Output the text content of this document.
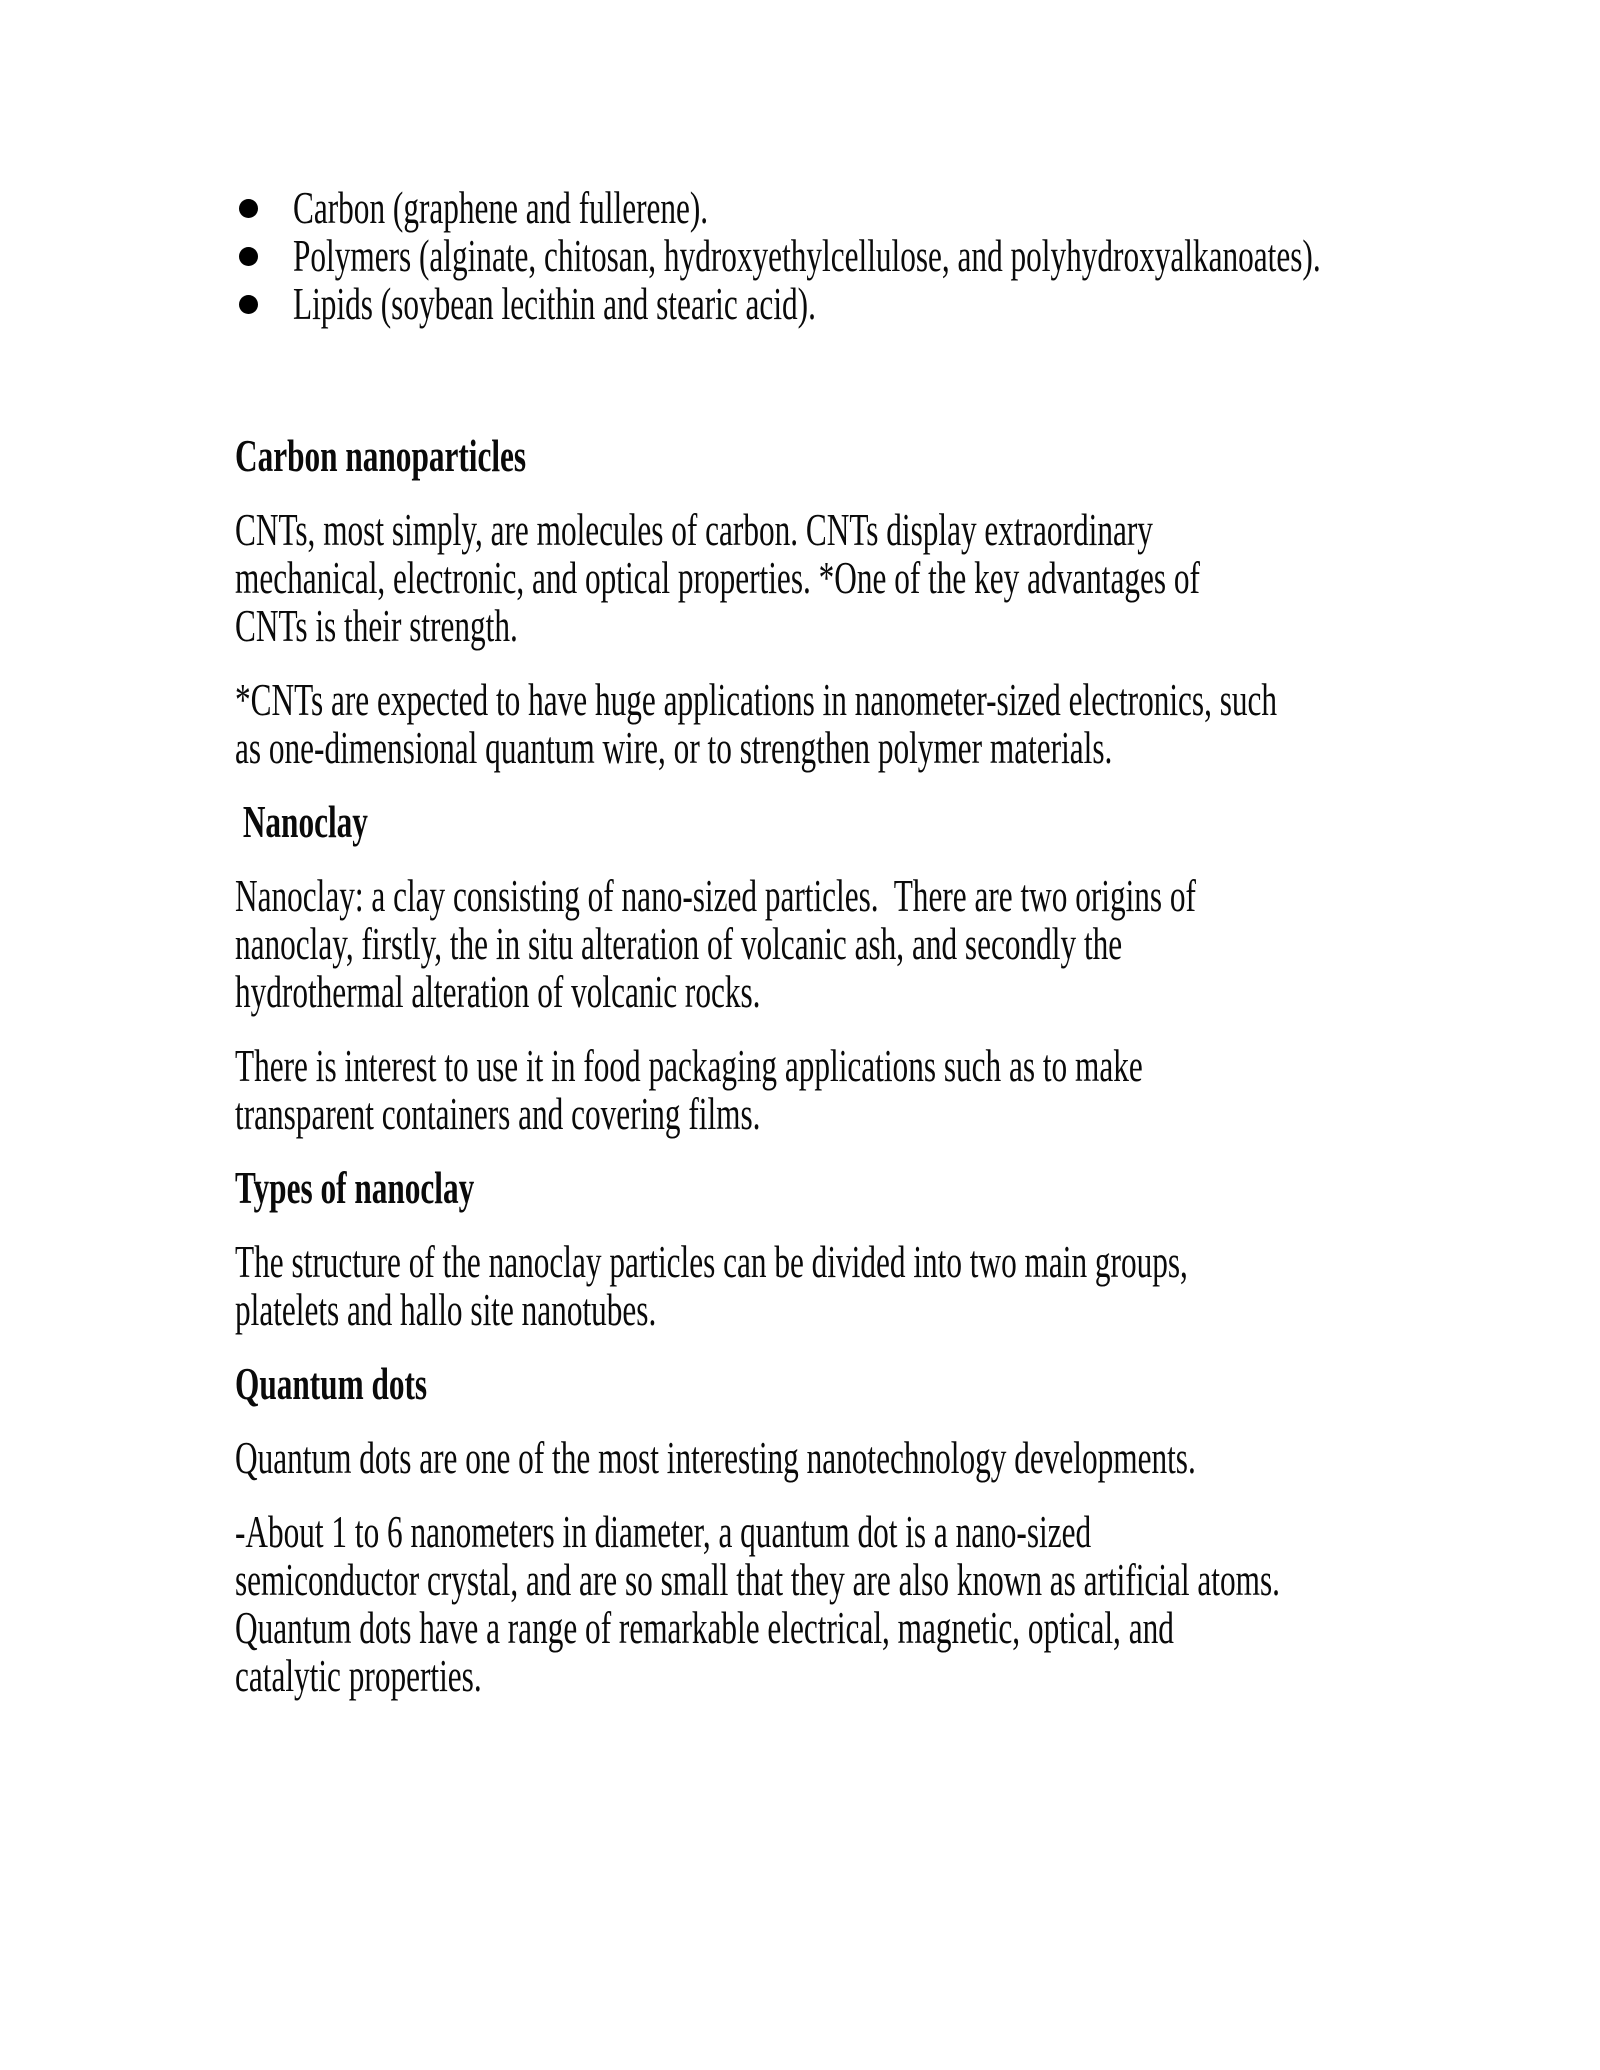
Carbon (graphene and fullerene).
Polymers (alginate, chitosan, hydroxyethylcellulose, and polyhydroxyalkanoates).
Lipids (soybean lecithin and stearic acid).
Carbon nanoparticles
CNTs, most simply, are molecules of carbon. CNTs display extraordinary
mechanical, electronic, and optical properties. *One of the key advantages of
CNTs is their strength.
*CNTs are expected to have huge applications in nanometer-sized electronics, such
as one-dimensional quantum wire, or to strengthen polymer materials.
Nanoclay
Nanoclay: a clay consisting of nano-sized particles.  There are two origins of
nanoclay, firstly, the in situ alteration of volcanic ash, and secondly the
hydrothermal alteration of volcanic rocks.
There is interest to use it in food packaging applications such as to make
transparent containers and covering films.
Types of nanoclay
The structure of the nanoclay particles can be divided into two main groups,
platelets and hallo site nanotubes.
Quantum dots
Quantum dots are one of the most interesting nanotechnology developments.
-About 1 to 6 nanometers in diameter, a quantum dot is a nano-sized
semiconductor crystal, and are so small that they are also known as artificial atoms.
Quantum dots have a range of remarkable electrical, magnetic, optical, and
catalytic properties.
